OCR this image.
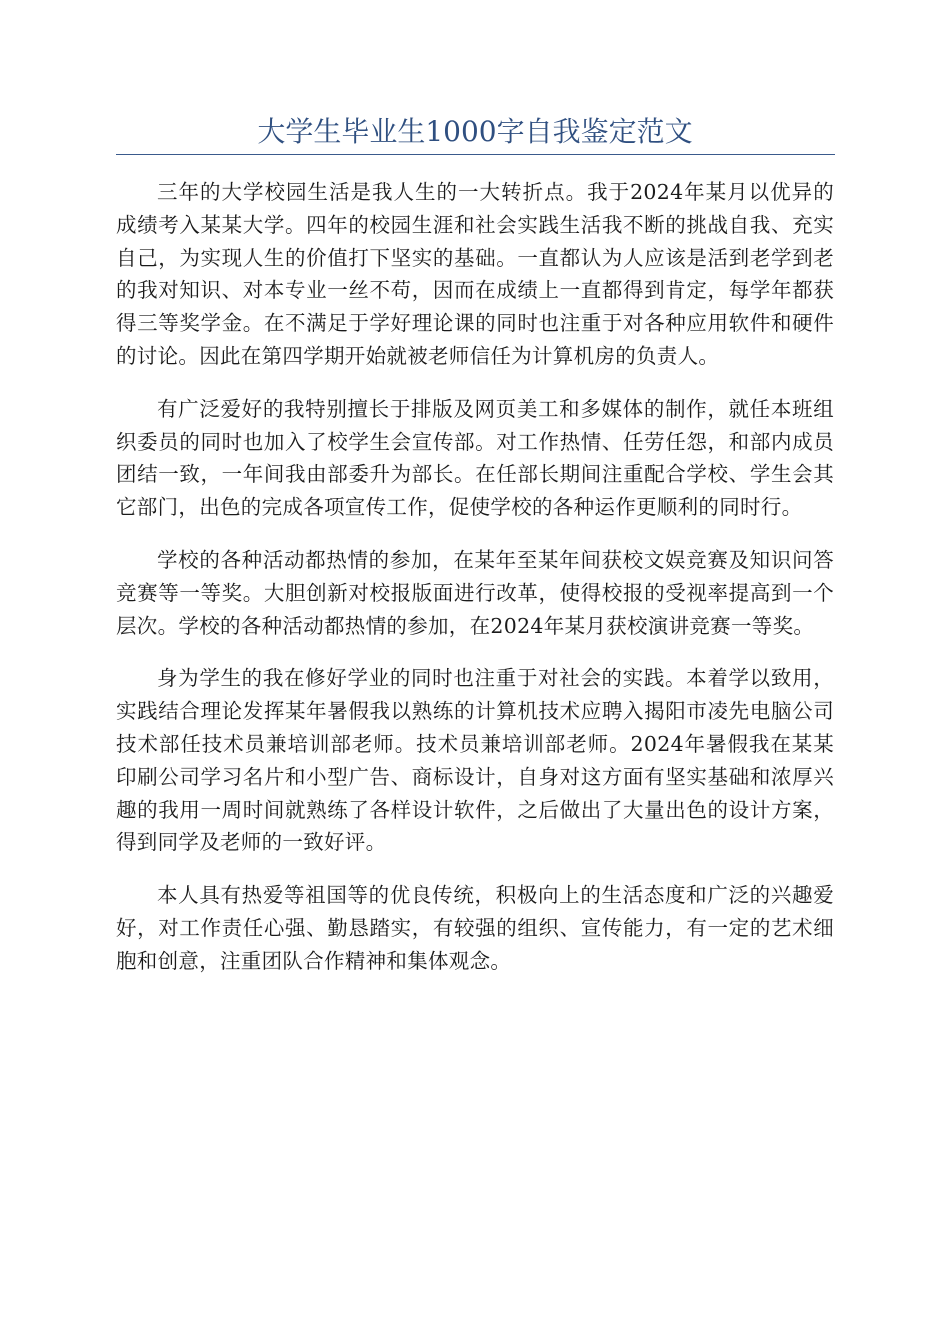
大学生毕业生1000字自我鉴定范文

三年的大学校园生活是我人生的一大转折点。我于2024年某月以优异的成绩考入某某大学。四年的校园生涯和社会实践生活我不断的挑战自我、充实自己，为实现人生的价值打下坚实的基础。一直都认为人应该是活到老学到老的我对知识、对本专业一丝不苟，因而在成绩上一直都得到肯定，每学年都获得三等奖学金。在不满足于学好理论课的同时也注重于对各种应用软件和硬件的讨论。因此在第四学期开始就被老师信任为计算机房的负责人。

有广泛爱好的我特别擅长于排版及网页美工和多媒体的制作，就任本班组织委员的同时也加入了校学生会宣传部。对工作热情、任劳任怨，和部内成员团结一致，一年间我由部委升为部长。在任部长期间注重配合学校、学生会其它部门，出色的完成各项宣传工作，促使学校的各种运作更顺利的同时行。

学校的各种活动都热情的参加，在某年至某年间获校文娱竞赛及知识问答竞赛等一等奖。大胆创新对校报版面进行改革，使得校报的受视率提高到一个层次。学校的各种活动都热情的参加，在2024年某月获校演讲竞赛一等奖。

身为学生的我在修好学业的同时也注重于对社会的实践。本着学以致用，实践结合理论发挥某年暑假我以熟练的计算机技术应聘入揭阳市凌先电脑公司技术部任技术员兼培训部老师。技术员兼培训部老师。2024年暑假我在某某印刷公司学习名片和小型广告、商标设计，自身对这方面有坚实基础和浓厚兴趣的我用一周时间就熟练了各样设计软件，之后做出了大量出色的设计方案，得到同学及老师的一致好评。

本人具有热爱等祖国等的优良传统，积极向上的生活态度和广泛的兴趣爱好，对工作责任心强、勤恳踏实，有较强的组织、宣传能力，有一定的艺术细胞和创意，注重团队合作精神和集体观念。
